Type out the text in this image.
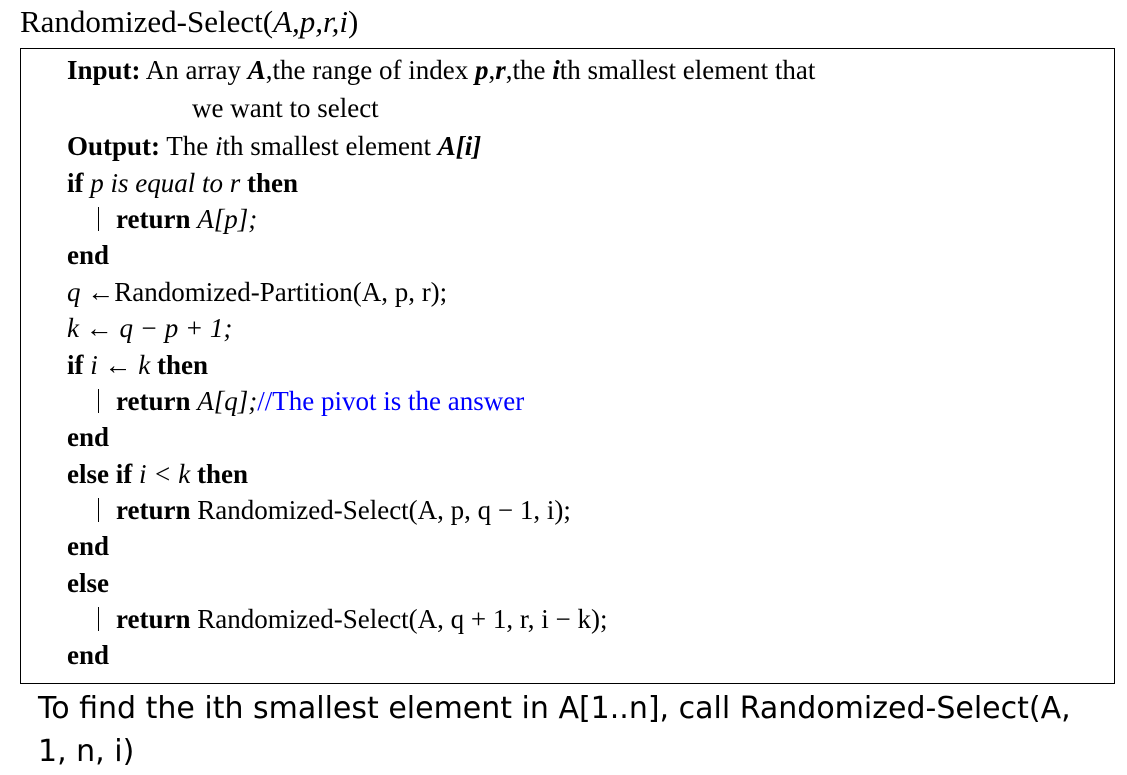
Randomized-Select(A,p,r,i)
Input: An array A,the range of index p,r,the ith smallest element that
we want to select
Output: The ith smallest element A[i]
if p is equal to r then
return A[p];
end
q ←Randomized-Partition(A, p, r);
k ← q − p + 1;
if i ← k then
return A[q];//The pivot is the answer
end
else if i < k then
return Randomized-Select(A, p, q − 1, i);
end
else
return Randomized-Select(A, q + 1, r, i − k);
end
To find the ith smallest element in A[1..n], call Randomized-Select(A, 1, n, i)
